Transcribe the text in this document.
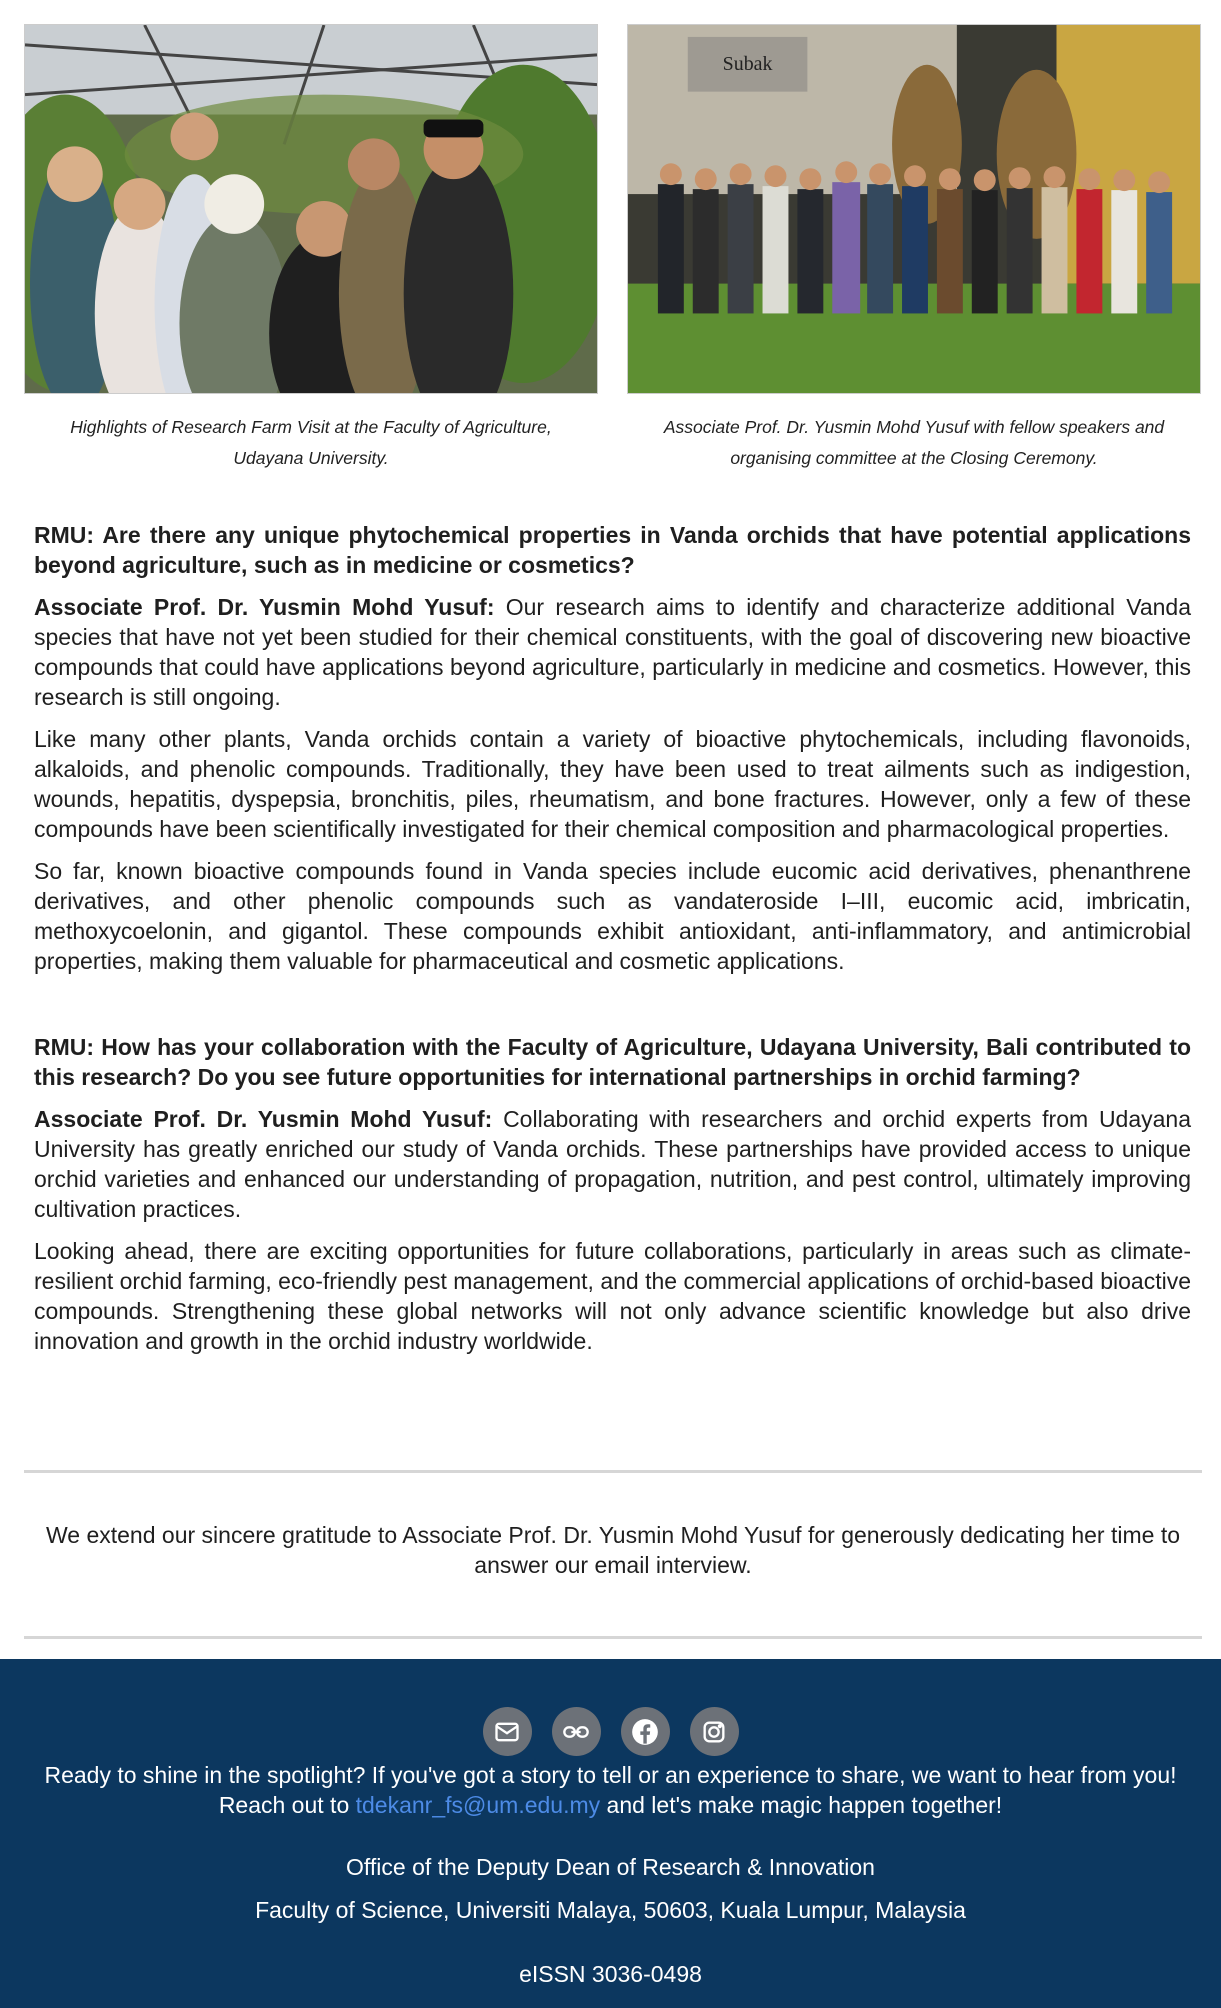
Subak
Highlights of Research Farm Visit at the Faculty of Agriculture,
Udayana University.
Associate Prof. Dr. Yusmin Mohd Yusuf with fellow speakers and
organising committee at the Closing Ceremony.

RMU: Are there any unique phytochemical properties in Vanda orchids that have potential applications beyond agriculture, such as in medicine or cosmetics?

Associate Prof. Dr. Yusmin Mohd Yusuf: Our research aims to identify and characterize additional Vanda species that have not yet been studied for their chemical constituents, with the goal of discovering new bioactive compounds that could have applications beyond agriculture, particularly in medicine and cosmetics. However, this research is still ongoing.

Like many other plants, Vanda orchids contain a variety of bioactive phytochemicals, including flavonoids, alkaloids, and phenolic compounds. Traditionally, they have been used to treat ailments such as indigestion, wounds, hepatitis, dyspepsia, bronchitis, piles, rheumatism, and bone fractures. However, only a few of these compounds have been scientifically investigated for their chemical composition and pharmacological properties.

So far, known bioactive compounds found in Vanda species include eucomic acid derivatives, phenanthrene derivatives, and other phenolic compounds such as vandateroside I–III, eucomic acid, imbricatin, methoxycoelonin, and gigantol. These compounds exhibit antioxidant, anti-inflammatory, and antimicrobial properties, making them valuable for pharmaceutical and cosmetic applications.

RMU: How has your collaboration with the Faculty of Agriculture, Udayana University, Bali contributed to this research? Do you see future opportunities for international partnerships in orchid farming?

Associate Prof. Dr. Yusmin Mohd Yusuf: Collaborating with researchers and orchid experts from Udayana University has greatly enriched our study of Vanda orchids. These partnerships have provided access to unique orchid varieties and enhanced our understanding of propagation, nutrition, and pest control, ultimately improving cultivation practices.

Looking ahead, there are exciting opportunities for future collaborations, particularly in areas such as climate-resilient orchid farming, eco-friendly pest management, and the commercial applications of orchid-based bioactive compounds. Strengthening these global networks will not only advance scientific knowledge but also drive innovation and growth in the orchid industry worldwide.

We extend our sincere gratitude to Associate Prof. Dr. Yusmin Mohd Yusuf for generously dedicating her time to answer our email interview.
Ready to shine in the spotlight? If you've got a story to tell or an experience to share, we want to hear from you! Reach out to tdekanr_fs@um.edu.my and let's make magic happen together!
Office of the Deputy Dean of Research & Innovation
Faculty of Science, Universiti Malaya, 50603, Kuala Lumpur, Malaysia
eISSN 3036-0498
